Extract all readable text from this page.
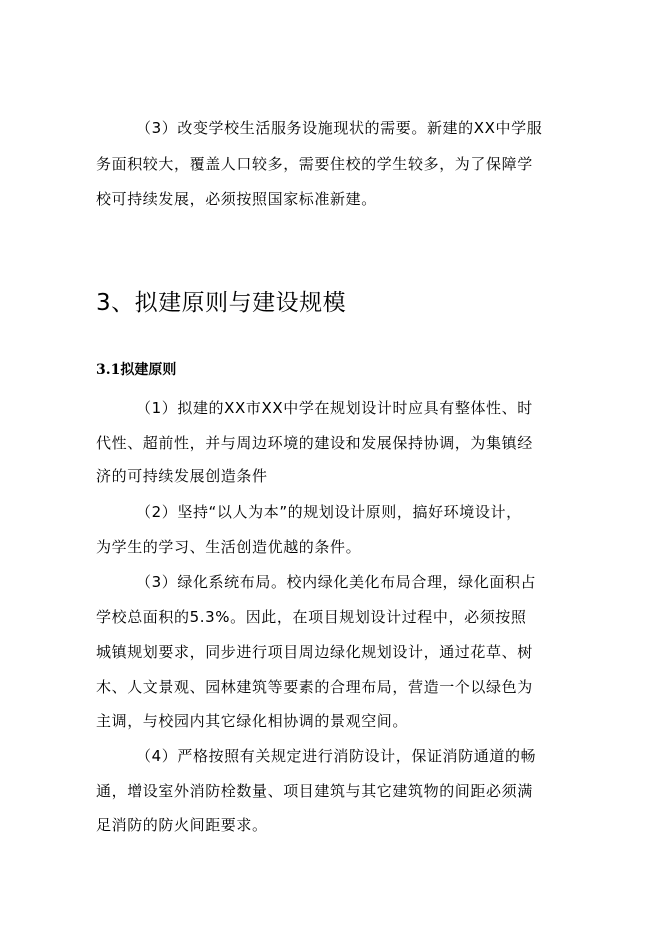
（3）改变学校生活服务设施现状的需要。新建的XX中学服
务面积较大，覆盖人口较多，需要住校的学生较多，为了保障学
校可持续发展，必须按照国家标准新建。
3、拟建原则与建设规模
3.1拟建原则
（1）拟建的XX市XX中学在规划设计时应具有整体性、时
代性、超前性，并与周边环境的建设和发展保持协调，为集镇经
济的可持续发展创造条件
（2）坚持“以人为本”的规划设计原则，搞好环境设计，
为学生的学习、生活创造优越的条件。
（3）绿化系统布局。校内绿化美化布局合理，绿化面积占
学校总面积的5.3%。因此，在项目规划设计过程中，必须按照
城镇规划要求，同步进行项目周边绿化规划设计，通过花草、树
木、人文景观、园林建筑等要素的合理布局，营造一个以绿色为
主调，与校园内其它绿化相协调的景观空间。
（4）严格按照有关规定进行消防设计，保证消防通道的畅
通，增设室外消防栓数量、项目建筑与其它建筑物的间距必须满
足消防的防火间距要求。
